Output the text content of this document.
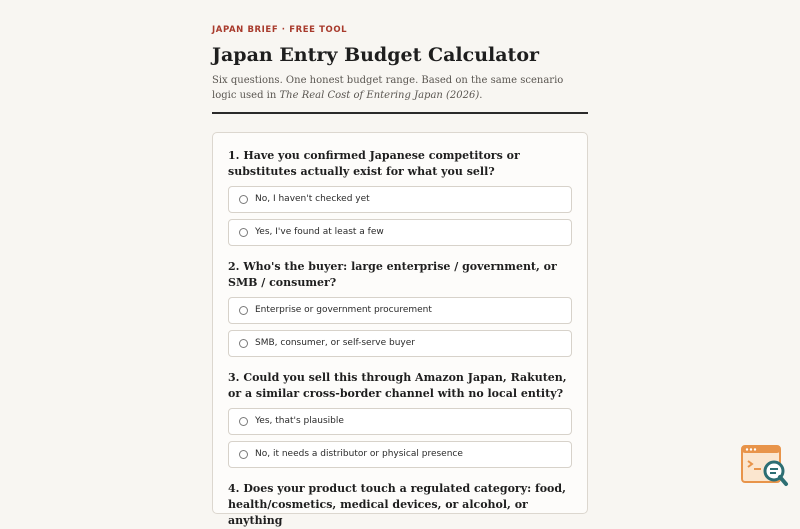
JAPAN BRIEF · FREE TOOL

Japan Entry Budget Calculator

Six questions. One honest budget range. Based on the same scenario logic used in The Real Cost of Entering Japan (2026).

1. Have you confirmed Japanese competitors or substitutes actually exist for what you sell?

No, I haven't checked yet
Yes, I've found at least a few

2. Who's the buyer: large enterprise / government, or SMB / consumer?

Enterprise or government procurement
SMB, consumer, or self-serve buyer

3. Could you sell this through Amazon Japan, Rakuten, or a similar cross-border channel with no local entity?

Yes, that's plausible
No, it needs a distributor or physical presence

4. Does your product touch a regulated category: food, health/cosmetics, medical devices, or alcohol, or anything
